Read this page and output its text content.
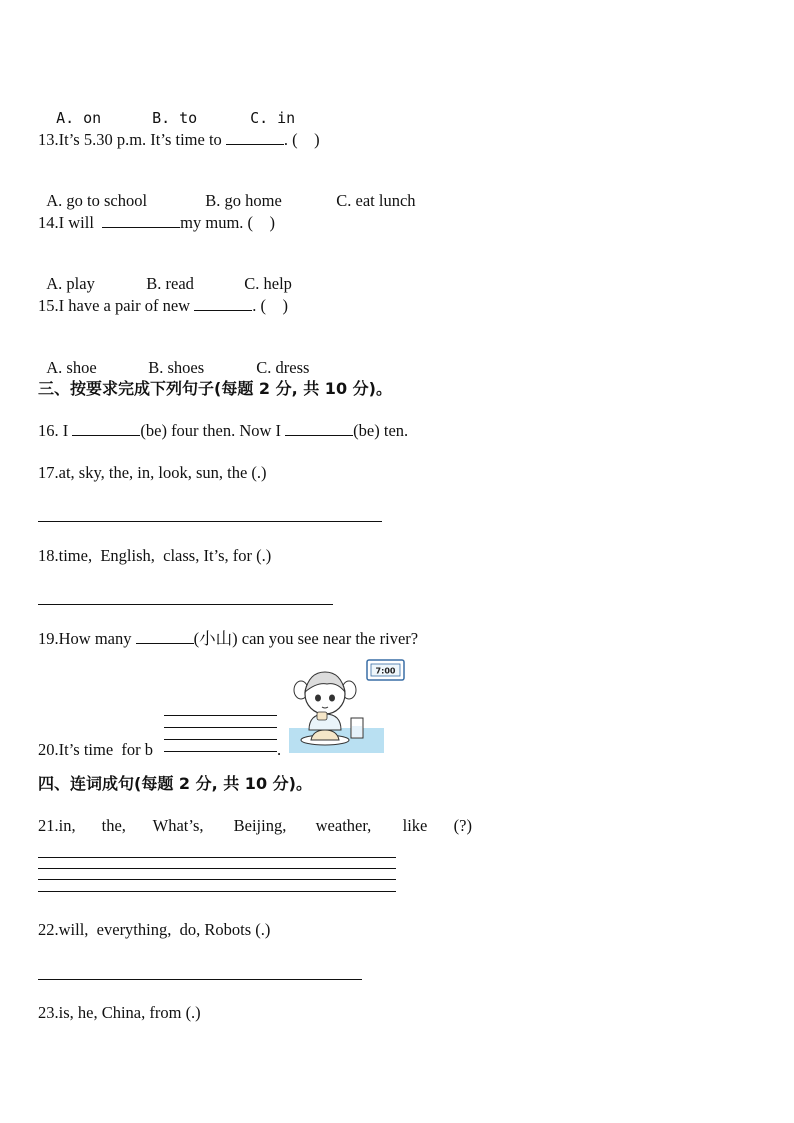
A. on	B. to	C. in

13.It’s 5.30 p.m. It’s time to	. (    )

A. go to school	B. go home	C. eat lunch

14.I will	my mum. (    )

A. play	B. read	C. help

15.I have a pair of new	. (    )

A. shoe	B. shoes	C. dress

三、按要求完成下列句子(每题 2 分, 共 10 分)。
16. I	(be) four then. Now I	(be) ten.
17.at, sky, the, in, look, sun, the (.)
18.time,  English,  class, It’s, for (.)
19.How many	(小山) can you see near the river?
20.It’s time  for b	.
7:00
四、连词成句(每题 2 分, 共 10 分)。
21.in, the, What’s, Beijing, weather, like (?)
22.will,  everything,  do, Robots (.)
23.is, he, China, from (.)
